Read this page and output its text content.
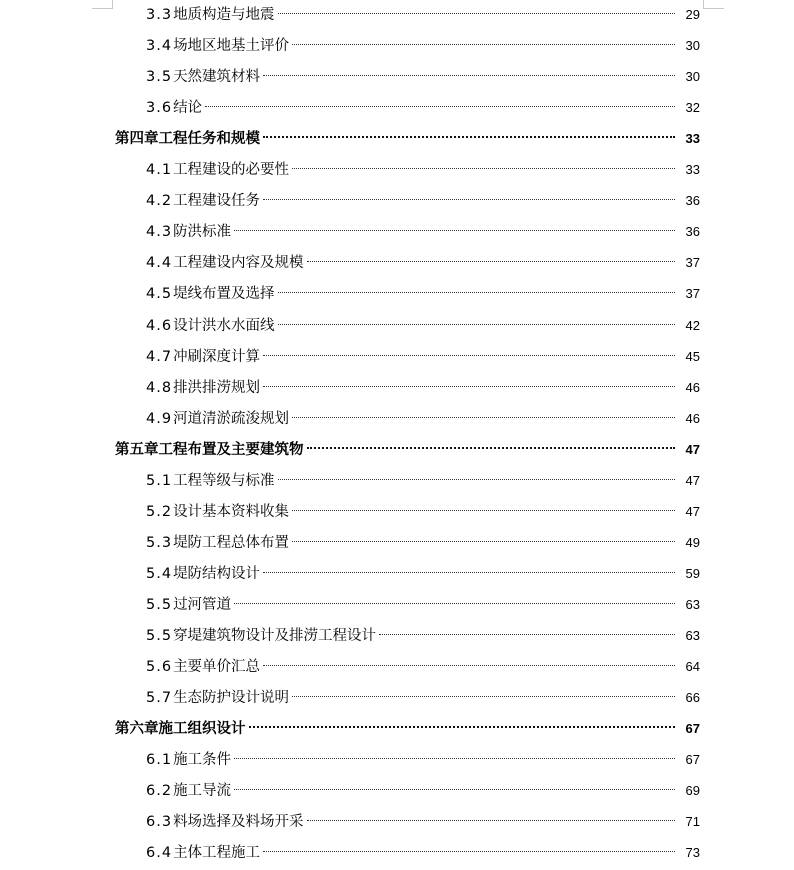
3.3 地质构造与地震	29
3.4 场地区地基土评价	30
3.5 天然建筑材料	30
3.6 结论	32
第四章工程任务和规模	33
4.1 工程建设的必要性	33
4.2 工程建设任务	36
4.3 防洪标准	36
4.4 工程建设内容及规模	37
4.5 堤线布置及选择	37
4.6 设计洪水水面线	42
4.7 冲刷深度计算	45
4.8 排洪排涝规划	46
4.9 河道清淤疏浚规划	46
第五章工程布置及主要建筑物	47
5.1 工程等级与标准	47
5.2 设计基本资料收集	47
5.3 堤防工程总体布置	49
5.4 堤防结构设计	59
5.5 过河管道	63
5.5 穿堤建筑物设计及排涝工程设计	63
5.6 主要单价汇总	64
5.7 生态防护设计说明	66
第六章施工组织设计	67
6.1 施工条件	67
6.2 施工导流	69
6.3 料场选择及料场开采	71
6.4 主体工程施工	73
